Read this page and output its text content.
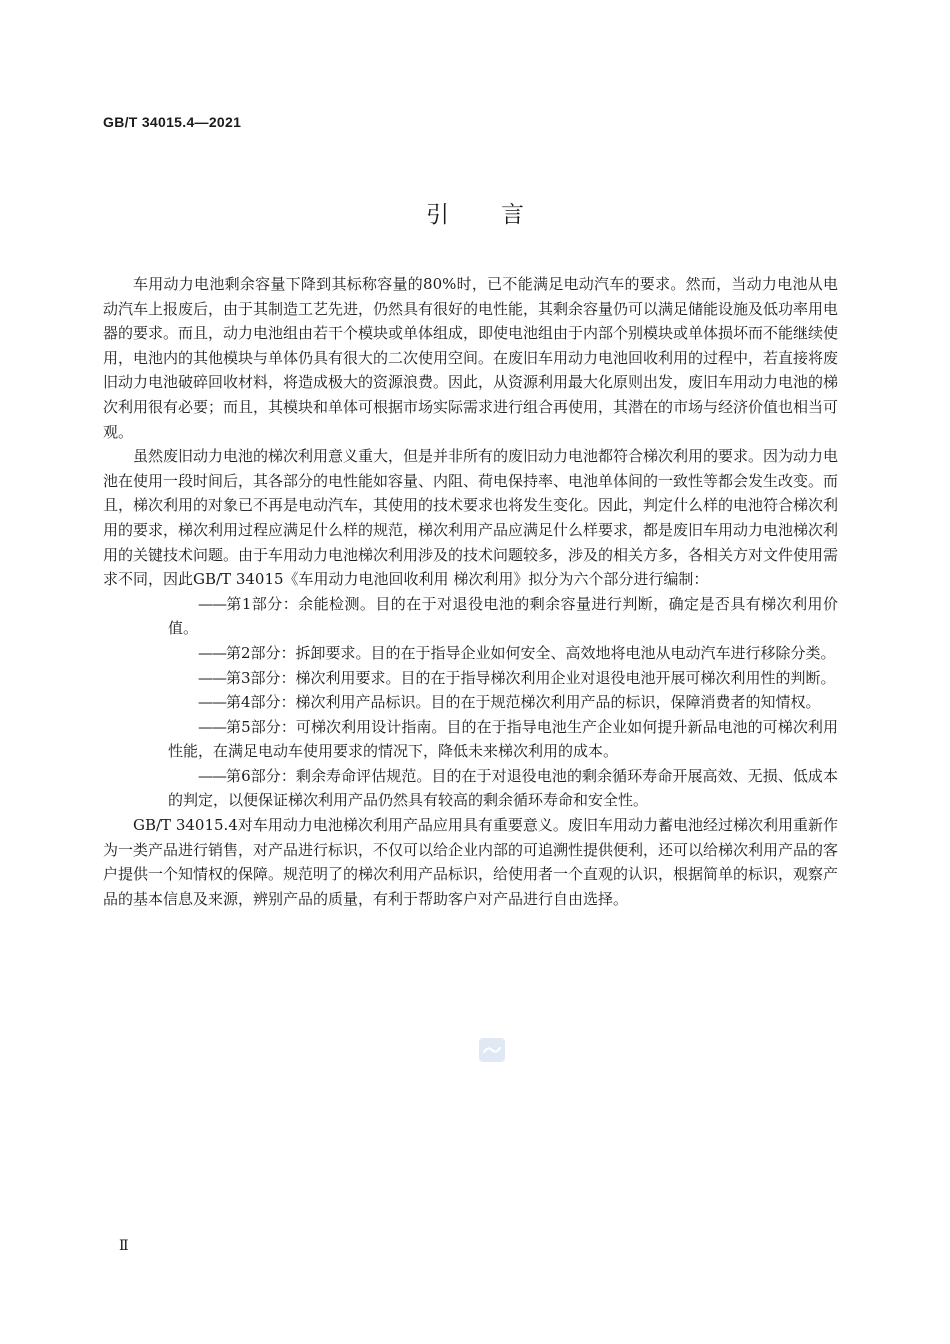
GB/T 34015.4—2021
引言

车用动力电池剩余容量下降到其标称容量的80%时，已不能满足电动汽车的要求。然而，当动力电池从电动汽车上报废后，由于其制造工艺先进，仍然具有很好的电性能，其剩余容量仍可以满足储能设施及低功率用电器的要求。而且，动力电池组由若干个模块或单体组成，即使电池组由于内部个别模块或单体损坏而不能继续使用，电池内的其他模块与单体仍具有很大的二次使用空间。在废旧车用动力电池回收利用的过程中，若直接将废旧动力电池破碎回收材料，将造成极大的资源浪费。因此，从资源利用最大化原则出发，废旧车用动力电池的梯次利用很有必要；而且，其模块和单体可根据市场实际需求进行组合再使用，其潜在的市场与经济价值也相当可观。

虽然废旧动力电池的梯次利用意义重大，但是并非所有的废旧动力电池都符合梯次利用的要求。因为动力电池在使用一段时间后，其各部分的电性能如容量、内阻、荷电保持率、电池单体间的一致性等都会发生改变。而且，梯次利用的对象已不再是电动汽车，其使用的技术要求也将发生变化。因此，判定什么样的电池符合梯次利用的要求，梯次利用过程应满足什么样的规范，梯次利用产品应满足什么样要求，都是废旧车用动力电池梯次利用的关键技术问题。由于车用动力电池梯次利用涉及的技术问题较多，涉及的相关方多，各相关方对文件使用需求不同，因此GB/T 34015《车用动力电池回收利用 梯次利用》拟分为六个部分进行编制：

——第1部分：余能检测。目的在于对退役电池的剩余容量进行判断，确定是否具有梯次利用价值。

——第2部分：拆卸要求。目的在于指导企业如何安全、高效地将电池从电动汽车进行移除分类。

——第3部分：梯次利用要求。目的在于指导梯次利用企业对退役电池开展可梯次利用性的判断。

——第4部分：梯次利用产品标识。目的在于规范梯次利用产品的标识，保障消费者的知情权。

——第5部分：可梯次利用设计指南。目的在于指导电池生产企业如何提升新品电池的可梯次利用性能，在满足电动车使用要求的情况下，降低未来梯次利用的成本。

——第6部分：剩余寿命评估规范。目的在于对退役电池的剩余循环寿命开展高效、无损、低成本的判定，以便保证梯次利用产品仍然具有较高的剩余循环寿命和安全性。

GB/T 34015.4对车用动力电池梯次利用产品应用具有重要意义。废旧车用动力蓄电池经过梯次利用重新作为一类产品进行销售，对产品进行标识，不仅可以给企业内部的可追溯性提供便利，还可以给梯次利用产品的客户提供一个知情权的保障。规范明了的梯次利用产品标识，给使用者一个直观的认识，根据简单的标识，观察产品的基本信息及来源，辨别产品的质量，有利于帮助客户对产品进行自由选择。

Ⅱ
